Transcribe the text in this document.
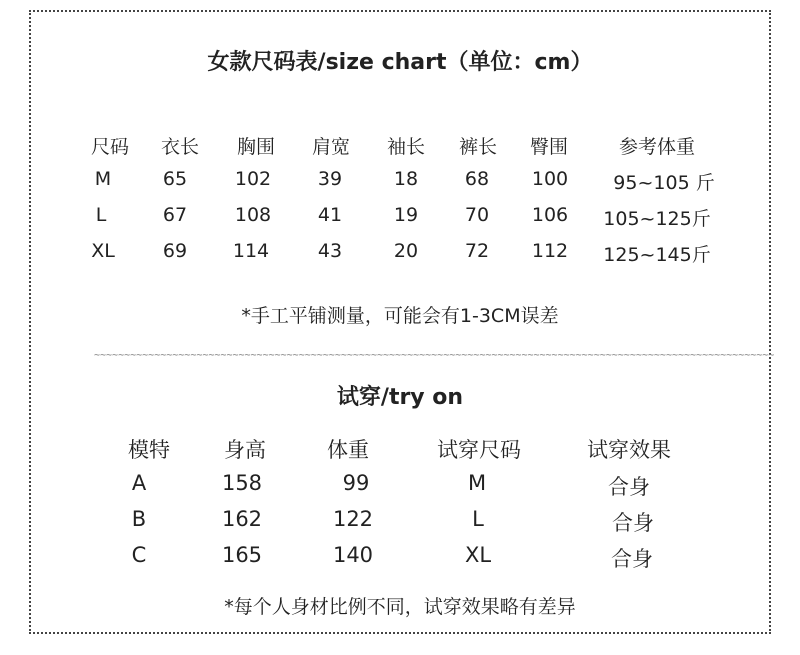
女款尺码表/size chart（单位：cm）
尺码 衣长 胸围 肩宽 袖长 裤长 臀围	参考体重
M	65	102 39	18 68 100 95~105 斤
L	67	108 41	19 70 106 105~125斤
XL	69 114	43	20 72 112 125~145斤
*手工平铺测量，可能会有1-3CM误差
~~~~~~~~~~~~~~~~~~~~~~~~~~~~~~~~~~~~~~~~~~~~~~~~~~~~~~~~~~~~~~~~~~~~~~~~~~~~~~~~~~~~~~~~~~~~~~~~~~~~~~~~~~~~~~~~~
试穿/try on
模特	身高	体重	试穿尺码	试穿效果
A	158	99	M	合身
B	162	122	L	合身
C	165	140	XL	合身
*每个人身材比例不同，试穿效果略有差异
